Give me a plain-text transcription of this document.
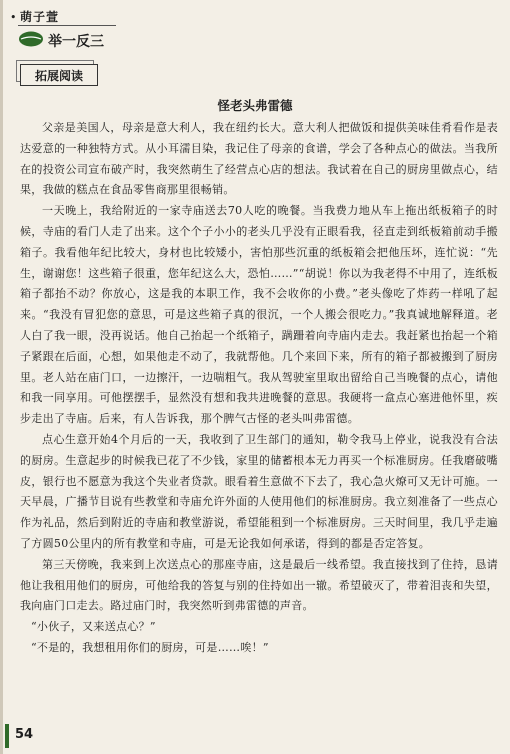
• 萌子萱
举一反三
拓展阅读
怪老头弗雷德

父亲是美国人，母亲是意大利人，我在纽约长大。意大利人把做饭和提供美味佳肴看作是表达爱意的一种独特方式。从小耳濡目染，我记住了母亲的食谱，学会了各种点心的做法。当我所在的投资公司宣布破产时，我突然萌生了经营点心店的想法。我试着在自己的厨房里做点心，结果，我做的糕点在食品零售商那里很畅销。

一天晚上，我给附近的一家寺庙送去70人吃的晚餐。当我费力地从车上拖出纸板箱子的时候，寺庙的看门人走了出来。这个个子小小的老头几乎没有正眼看我，径直走到纸板箱前动手搬箱子。我看他年纪比较大，身材也比较矮小，害怕那些沉重的纸板箱会把他压坏，连忙说：“先生，谢谢您！这些箱子很重，您年纪这么大，恐怕……”“胡说！你以为我老得不中用了，连纸板箱子都抬不动？你放心，这是我的本职工作，我不会收你的小费。”老头像吃了炸药一样吼了起来。“我没有冒犯您的意思，可是这些箱子真的很沉，一个人搬会很吃力。”我真诚地解释道。老人白了我一眼，没再说话。他自己抬起一个纸箱子，蹒跚着向寺庙内走去。我赶紧也抬起一个箱子紧跟在后面，心想，如果他走不动了，我就帮他。几个来回下来，所有的箱子都被搬到了厨房里。老人站在庙门口，一边擦汗，一边喘粗气。我从驾驶室里取出留给自己当晚餐的点心，请他和我一同享用。可他摆摆手，显然没有想和我共进晚餐的意思。我硬将一盒点心塞进他怀里，疾步走出了寺庙。后来，有人告诉我，那个脾气古怪的老头叫弗雷德。

点心生意开始4个月后的一天，我收到了卫生部门的通知，勒令我马上停业，说我没有合法的厨房。生意起步的时候我已花了不少钱，家里的储蓄根本无力再买一个标准厨房。任我磨破嘴皮，银行也不愿意为我这个失业者贷款。眼看着生意做不下去了，我心急火燎可又无计可施。一天早晨，广播节目说有些教堂和寺庙允许外面的人使用他们的标准厨房。我立刻准备了一些点心作为礼品，然后到附近的寺庙和教堂游说，希望能租到一个标准厨房。三天时间里，我几乎走遍了方圆50公里内的所有教堂和寺庙，可是无论我如何承诺，得到的都是否定答复。

第三天傍晚，我来到上次送点心的那座寺庙，这是最后一线希望。我直接找到了住持，恳请他让我租用他们的厨房，可他给我的答复与别的住持如出一辙。希望破灭了，带着泪丧和失望，我向庙门口走去。路过庙门时，我突然听到弗雷德的声音。

“小伙子，又来送点心？”

“不是的，我想租用你们的厨房，可是……唉！”

54
